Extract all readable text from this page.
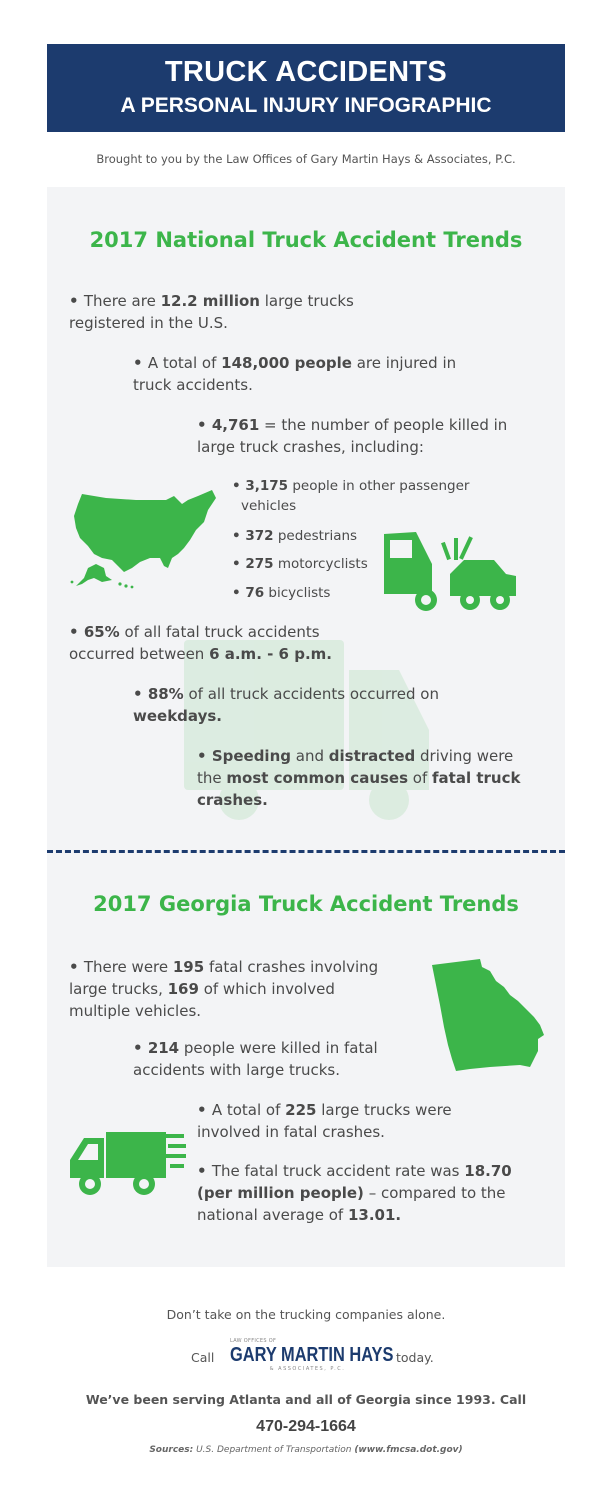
TRUCK ACCIDENTS
A PERSONAL INJURY INFOGRAPHIC
Brought to you by the Law Offices of Gary Martin Hays & Associates, P.C.
2017 National Truck Accident Trends
• There are 12.2 million large trucks
registered in the U.S.
• A total of 148,000 people are injured in
truck accidents.
• 4,761 = the number of people killed in
large truck crashes, including:
• 3,175 people in other passenger
vehicles
• 372 pedestrians
• 275 motorcyclists
• 76 bicyclists
• 65% of all fatal truck accidents
occurred between 6 a.m. - 6 p.m.
• 88% of all truck accidents occurred on
weekdays.
• Speeding and distracted driving were
the most common causes of fatal truck
crashes.
2017 Georgia Truck Accident Trends
• There were 195 fatal crashes involving
large trucks, 169 of which involved
multiple vehicles.
• 214 people were killed in fatal
accidents with large trucks.
• A total of 225 large trucks were
involved in fatal crashes.
• The fatal truck accident rate was 18.70
(per million people) – compared to the
national average of 13.01.
Don’t take on the trucking companies alone.
Call
LAW OFFICES OF
GARY MARTIN HAYS
& ASSOCIATES, P.C.
today.
We’ve been serving Atlanta and all of Georgia since 1993. Call
470-294-1664
Sources: U.S. Department of Transportation (www.fmcsa.dot.gov)
